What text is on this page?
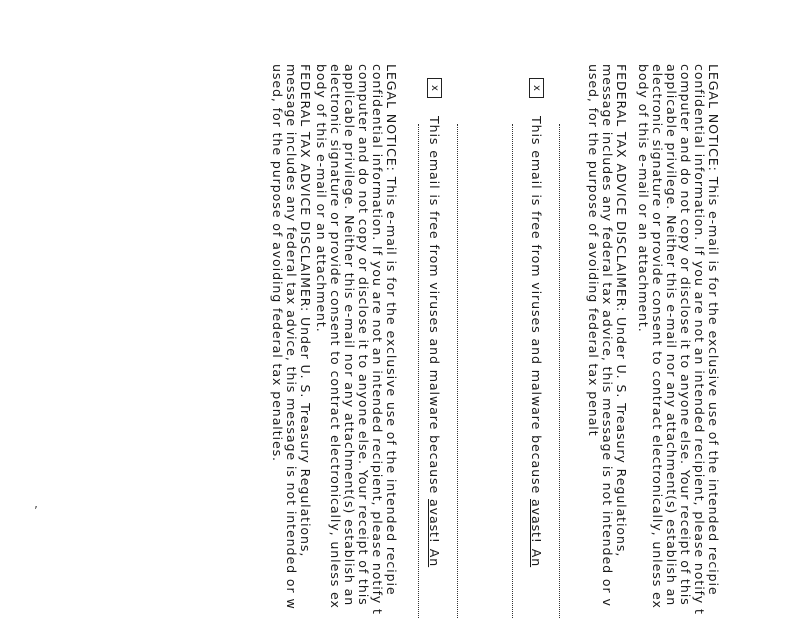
LEGAL NOTICE: This e-mail is for the exclusive use of the intended recipie
confidential information. If you are not an intended recipient, please notify t
computer and do not copy or disclose it to anyone else. Your receipt of this
applicable privilege. Neither this e-mail nor any attachment(s) establish an
electronic signature or provide consent to contract electronically, unless ex
body of this e-mail or an attachment.
FEDERAL TAX ADVICE DISCLAIMER: Under U. S. Treasury Regulations,
message includes any federal tax advice, this message is not intended or v
used, for the purpose of avoiding federal tax penalt
x
This email is free from viruses and malware because avast! An
x
This email is free from viruses and malware because avast! An
LEGAL NOTICE: This e-mail is for the exclusive use of the intended recipie
confidential information. If you are not an intended recipient, please notify t
computer and do not copy or disclose it to anyone else. Your receipt of this
applicable privilege. Neither this e-mail nor any attachment(s) establish an
electronic signature or provide consent to contract electronically, unless ex
body of this e-mail or an attachment.
FEDERAL TAX ADVICE DISCLAIMER: Under U. S. Treasury Regulations,
message includes any federal tax advice, this message is not intended or w
used, for the purpose of avoiding federal tax penalties.
’
